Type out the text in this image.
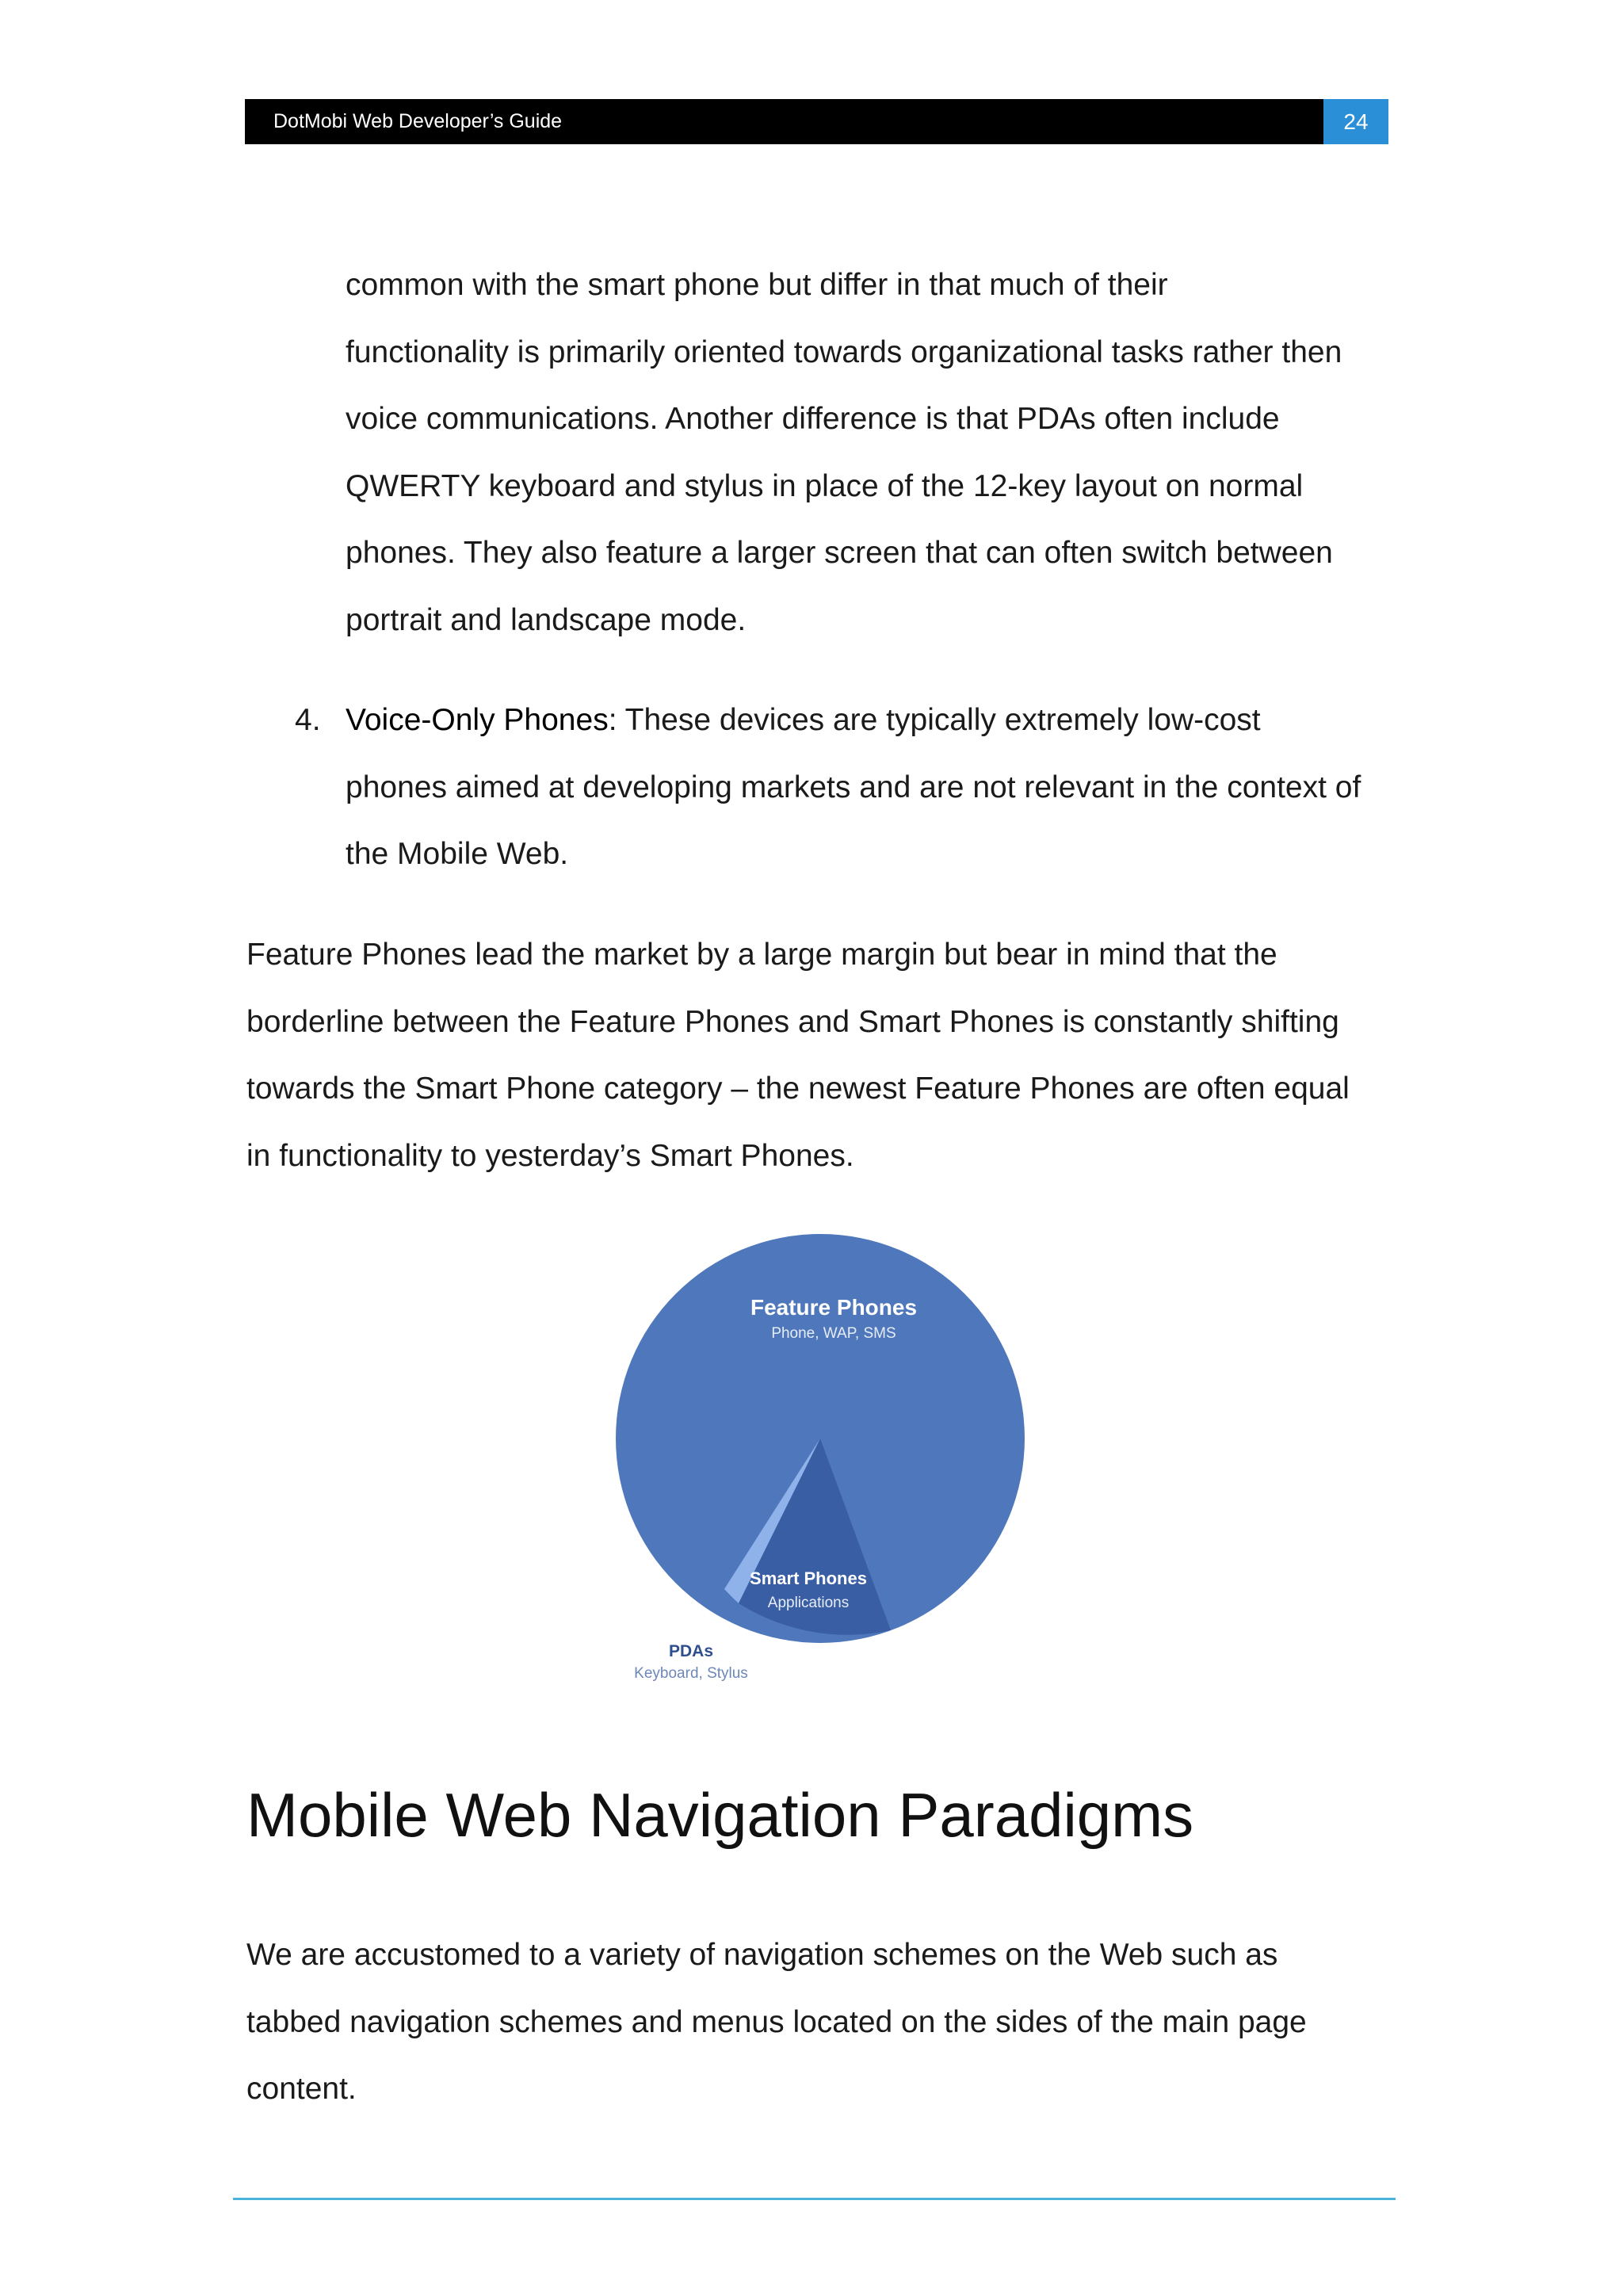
DotMobi Web Developer’s Guide	24
common with the smart phone but differ in that much of their
functionality is primarily oriented towards organizational tasks rather then
voice communications. Another difference is that PDAs often include
QWERTY keyboard and stylus in place of the 12-key layout on normal
phones. They also feature a larger screen that can often switch between
portrait and landscape mode.
4. Voice-Only Phones: These devices are typically extremely low-cost
phones aimed at developing markets and are not relevant in the context of
the Mobile Web.
Feature Phones lead the market by a large margin but bear in mind that the
borderline between the Feature Phones and Smart Phones is constantly shifting
towards the Smart Phone category – the newest Feature Phones are often equal
in functionality to yesterday’s Smart Phones.
Feature Phones
Phone, WAP, SMS
Smart Phones
Applications
PDAs
Keyboard, Stylus
Mobile Web Navigation Paradigms
We are accustomed to a variety of navigation schemes on the Web such as
tabbed navigation schemes and menus located on the sides of the main page
content.
